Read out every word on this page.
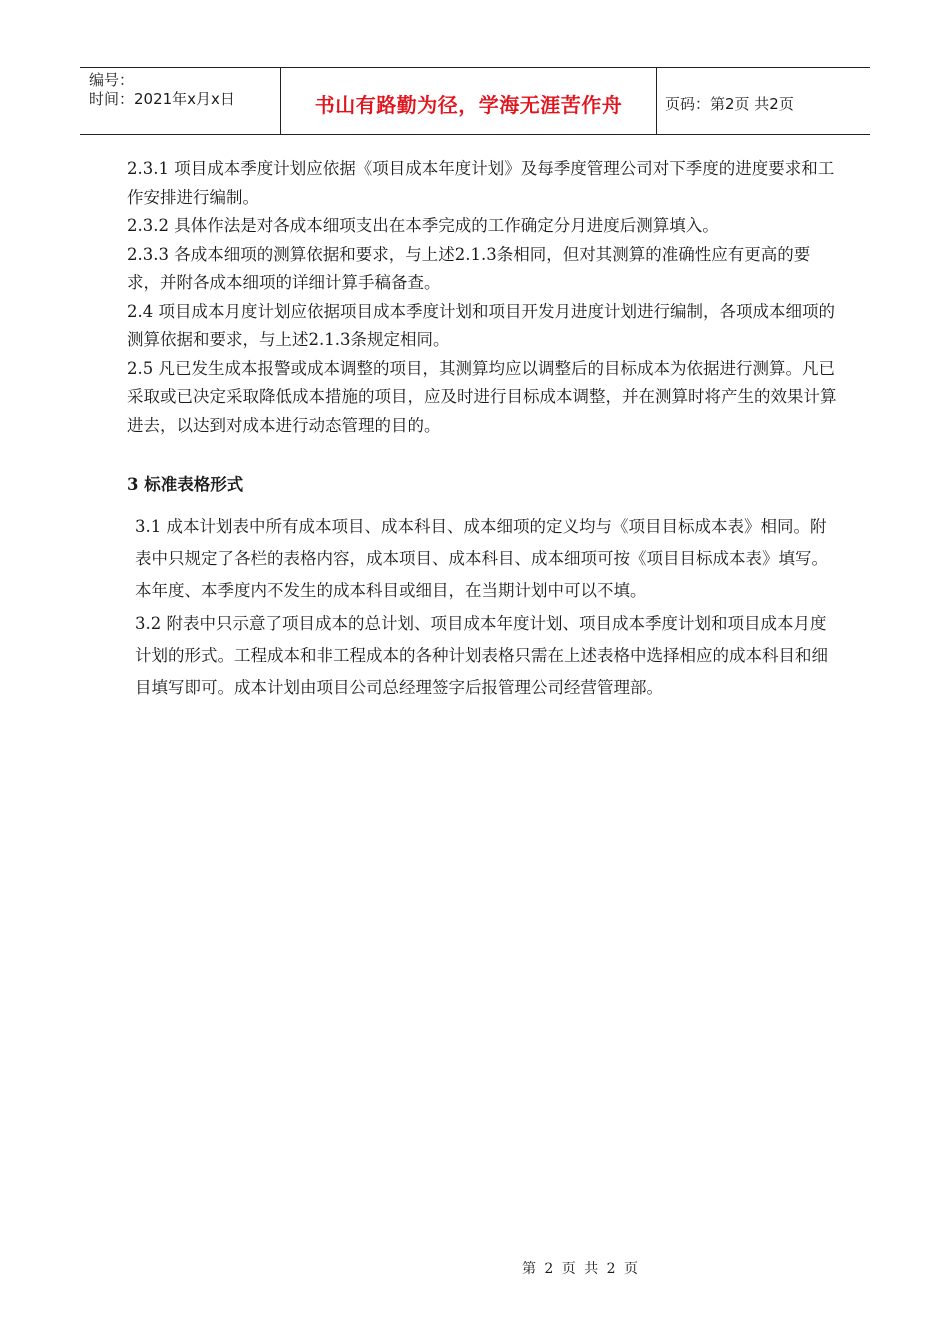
编号：
时间：2021年x月x日	书山有路勤为径，学海无涯苦作舟	页码：第2页 共2页

2.3.1 项目成本季度计划应依据《项目成本年度计划》及每季度管理公司对下季度的进度要求和工作安排进行编制。

2.3.2 具体作法是对各成本细项支出在本季完成的工作确定分月进度后测算填入。

2.3.3 各成本细项的测算依据和要求，与上述2.1.3条相同，但对其测算的准确性应有更高的要求，并附各成本细项的详细计算手稿备查。

2.4 项目成本月度计划应依据项目成本季度计划和项目开发月进度计划进行编制，各项成本细项的测算依据和要求，与上述2.1.3条规定相同。

2.5 凡已发生成本报警或成本调整的项目，其测算均应以调整后的目标成本为依据进行测算。凡已采取或已决定采取降低成本措施的项目，应及时进行目标成本调整，并在测算时将产生的效果计算进去，以达到对成本进行动态管理的目的。

3 标准表格形式

3.1 成本计划表中所有成本项目、成本科目、成本细项的定义均与《项目目标成本表》相同。附表中只规定了各栏的表格内容，成本项目、成本科目、成本细项可按《项目目标成本表》填写。本年度、本季度内不发生的成本科目或细目，在当期计划中可以不填。

3.2 附表中只示意了项目成本的总计划、项目成本年度计划、项目成本季度计划和项目成本月度计划的形式。工程成本和非工程成本的各种计划表格只需在上述表格中选择相应的成本科目和细目填写即可。成本计划由项目公司总经理签字后报管理公司经营管理部。

第 2 页 共 2 页
